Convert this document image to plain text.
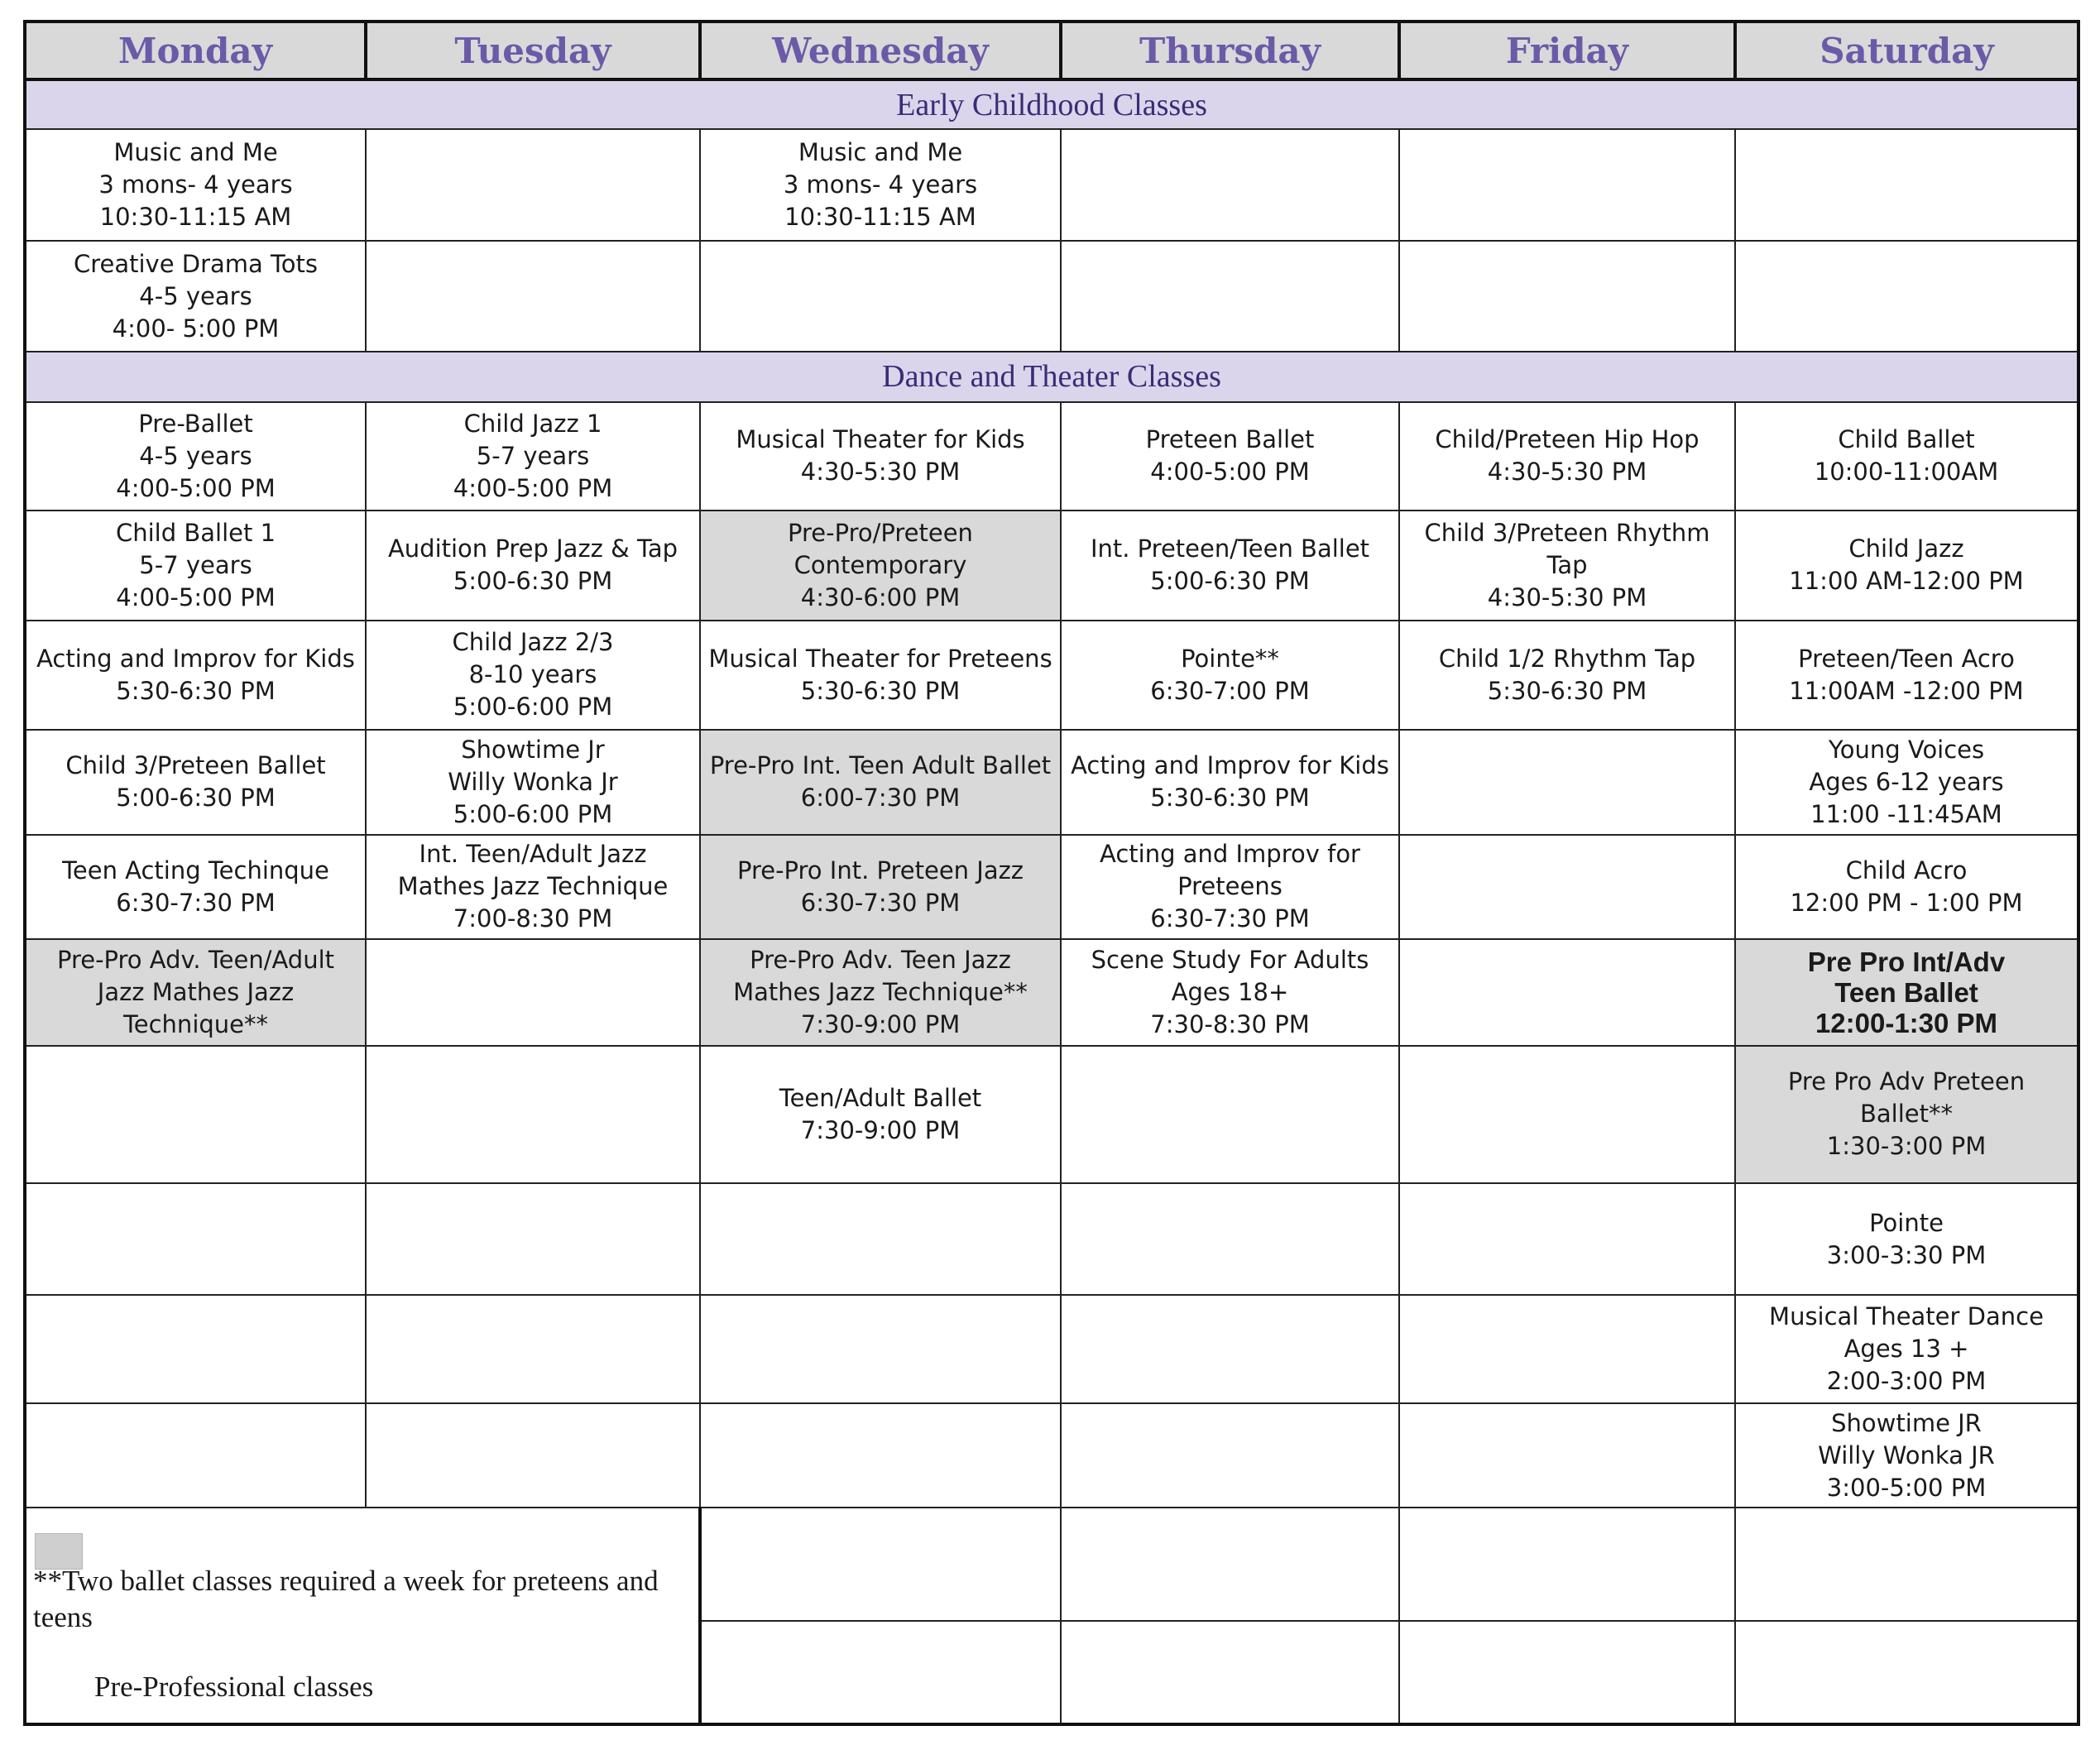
Monday	Tuesday	Wednesday	Thursday	Friday	Saturday
Early Childhood Classes					
Music and Me
3 mons- 4 years
10:30-11:15 AM		Music and Me
3 mons- 4 years
10:30-11:15 AM			
Creative Drama Tots
4-5 years
4:00- 5:00 PM					
Dance and Theater Classes					
Pre-Ballet
4-5 years
4:00-5:00 PM	Child Jazz 1
5-7 years
4:00-5:00 PM	Musical Theater for Kids
4:30-5:30 PM	Preteen Ballet
4:00-5:00 PM	Child/Preteen Hip Hop
4:30-5:30 PM	Child Ballet
10:00-11:00AM
Child Ballet 1
5-7 years
4:00-5:00 PM	Audition Prep Jazz & Tap
5:00-6:30 PM	Pre-Pro/Preteen
Contemporary
4:30-6:00 PM	Int. Preteen/Teen Ballet
5:00-6:30 PM	Child 3/Preteen Rhythm
Tap
4:30-5:30 PM	Child Jazz
11:00 AM-12:00 PM
Acting and Improv for Kids
5:30-6:30 PM	Child Jazz 2/3
8-10 years
5:00-6:00 PM	Musical Theater for Preteens
5:30-6:30 PM	Pointe**
6:30-7:00 PM	Child 1/2 Rhythm Tap
5:30-6:30 PM	Preteen/Teen Acro
11:00AM -12:00 PM
Child 3/Preteen Ballet
5:00-6:30 PM	Showtime Jr
Willy Wonka Jr
5:00-6:00 PM	Pre-Pro Int. Teen Adult Ballet
6:00-7:30 PM	Acting and Improv for Kids
5:30-6:30 PM		Young Voices
Ages 6-12 years
11:00 -11:45AM
Teen Acting Techinque
6:30-7:30 PM	Int. Teen/Adult Jazz
Mathes Jazz Technique
7:00-8:30 PM	Pre-Pro Int. Preteen Jazz
6:30-7:30 PM	Acting and Improv for
Preteens
6:30-7:30 PM		Child Acro
12:00 PM - 1:00 PM
Pre-Pro Adv. Teen/Adult
Jazz Mathes Jazz
Technique**		Pre-Pro Adv. Teen Jazz
Mathes Jazz Technique**
7:30-9:00 PM	Scene Study For Adults
Ages 18+
7:30-8:30 PM		Pre Pro Int/Adv
Teen Ballet
12:00-1:30 PM
		Teen/Adult Ballet
7:30-9:00 PM			Pre Pro Adv Preteen
Ballet**
1:30-3:00 PM
					Pointe
3:00-3:30 PM
					Musical Theater Dance
Ages 13 +
2:00-3:00 PM
					Showtime JR
Willy Wonka JR
3:00-5:00 PM

**Two ballet classes required a week for preteens and teens
Pre-Professional classes					
